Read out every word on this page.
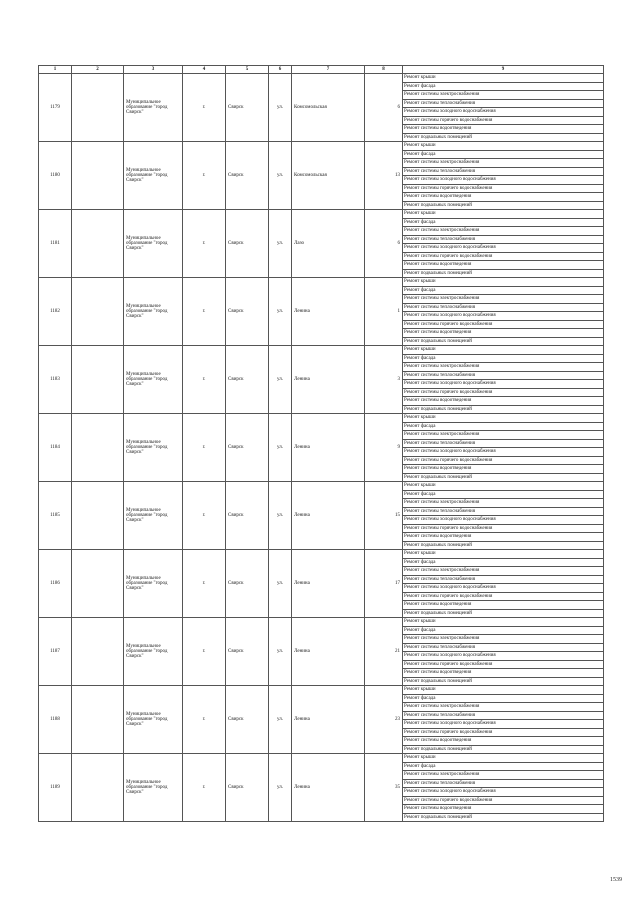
1	2	3	4	5	6	7	8	9
1179		Муниципальное образование "город Свирск"	г.	Свирск	ул.	Комсомольская	6	Ремонт крыши
								Ремонт фасада
								Ремонт системы электроснабжения
								Ремонт системы теплоснабжения
								Ремонт системы холодного водоснабжения
								Ремонт системы горячего водоснабжения
								Ремонт системы водоотведения
								Ремонт подвальных помещений
1180		Муниципальное образование "город Свирск"	г.	Свирск	ул.	Комсомольская	13	Ремонт крыши
								Ремонт фасада
								Ремонт системы электроснабжения
								Ремонт системы теплоснабжения
								Ремонт системы холодного водоснабжения
								Ремонт системы горячего водоснабжения
								Ремонт системы водоотведения
								Ремонт подвальных помещений
1181		Муниципальное образование "город Свирск"	г.	Свирск	ул.	Лазо	6	Ремонт крыши
								Ремонт фасада
								Ремонт системы электроснабжения
								Ремонт системы теплоснабжения
								Ремонт системы холодного водоснабжения
								Ремонт системы горячего водоснабжения
								Ремонт системы водоотведения
								Ремонт подвальных помещений
1182		Муниципальное образование "город Свирск"	г.	Свирск	ул.	Ленина	1	Ремонт крыши
								Ремонт фасада
								Ремонт системы электроснабжения
								Ремонт системы теплоснабжения
								Ремонт системы холодного водоснабжения
								Ремонт системы горячего водоснабжения
								Ремонт системы водоотведения
								Ремонт подвальных помещений
1183		Муниципальное образование "город Свирск"	г.	Свирск	ул.	Ленина	3	Ремонт крыши
								Ремонт фасада
								Ремонт системы электроснабжения
								Ремонт системы теплоснабжения
								Ремонт системы холодного водоснабжения
								Ремонт системы горячего водоснабжения
								Ремонт системы водоотведения
								Ремонт подвальных помещений
1184		Муниципальное образование "город Свирск"	г.	Свирск	ул.	Ленина	9	Ремонт крыши
								Ремонт фасада
								Ремонт системы электроснабжения
								Ремонт системы теплоснабжения
								Ремонт системы холодного водоснабжения
								Ремонт системы горячего водоснабжения
								Ремонт системы водоотведения
								Ремонт подвальных помещений
1185		Муниципальное образование "город Свирск"	г.	Свирск	ул.	Ленина	15	Ремонт крыши
								Ремонт фасада
								Ремонт системы электроснабжения
								Ремонт системы теплоснабжения
								Ремонт системы холодного водоснабжения
								Ремонт системы горячего водоснабжения
								Ремонт системы водоотведения
								Ремонт подвальных помещений
1186		Муниципальное образование "город Свирск"	г.	Свирск	ул.	Ленина	17	Ремонт крыши
								Ремонт фасада
								Ремонт системы электроснабжения
								Ремонт системы теплоснабжения
								Ремонт системы холодного водоснабжения
								Ремонт системы горячего водоснабжения
								Ремонт системы водоотведения
								Ремонт подвальных помещений
1187		Муниципальное образование "город Свирск"	г.	Свирск	ул.	Ленина	21	Ремонт крыши
								Ремонт фасада
								Ремонт системы электроснабжения
								Ремонт системы теплоснабжения
								Ремонт системы холодного водоснабжения
								Ремонт системы горячего водоснабжения
								Ремонт системы водоотведения
								Ремонт подвальных помещений
1188		Муниципальное образование "город Свирск"	г.	Свирск	ул.	Ленина	23	Ремонт крыши
								Ремонт фасада
								Ремонт системы электроснабжения
								Ремонт системы теплоснабжения
								Ремонт системы холодного водоснабжения
								Ремонт системы горячего водоснабжения
								Ремонт системы водоотведения
								Ремонт подвальных помещений
1189		Муниципальное образование "город Свирск"	г.	Свирск	ул.	Ленина	35	Ремонт крыши
								Ремонт фасада
								Ремонт системы электроснабжения
								Ремонт системы теплоснабжения
								Ремонт системы холодного водоснабжения
								Ремонт системы горячего водоснабжения
								Ремонт системы водоотведения
								Ремонт подвальных помещений
1539
